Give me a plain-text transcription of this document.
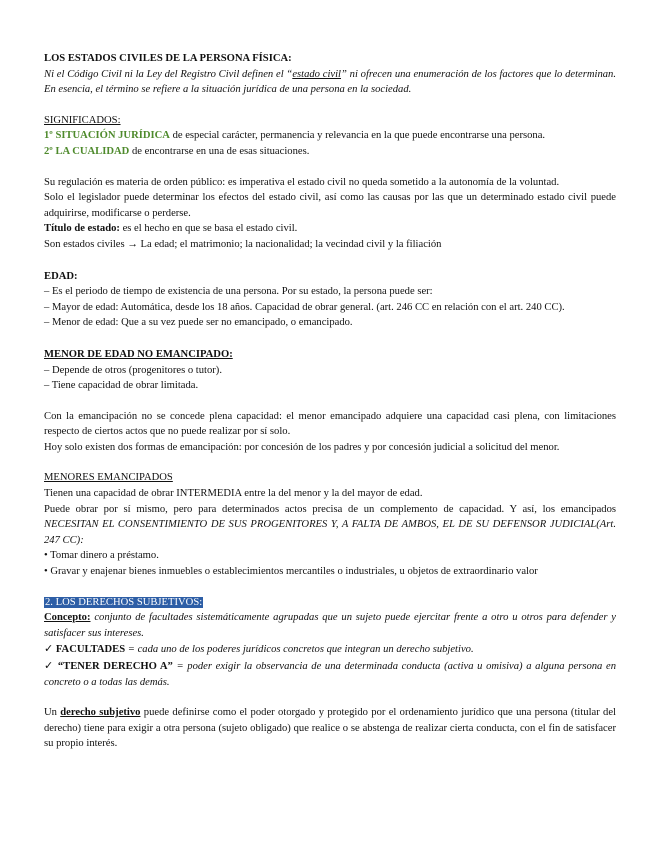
LOS ESTADOS CIVILES DE LA PERSONA FÍSICA:

Ni el Código Civil ni la Ley del Registro Civil definen el “estado civil” ni ofrecen una enumeración de los factores que lo determinan. En esencia, el término se refiere a la situación jurídica de una persona en la sociedad.

SIGNIFICADOS:

1º SITUACIÓN JURÍDICA de especial carácter, permanencia y relevancia en la que puede encontrarse una persona.

2º LA CUALIDAD de encontrarse en una de esas situaciones.

Su regulación es materia de orden público: es imperativa el estado civil no queda sometido a la autonomía de la voluntad.

Solo el legislador puede determinar los efectos del estado civil, así como las causas por las que un determinado estado civil puede adquirirse, modificarse o perderse.

Título de estado: es el hecho en que se basa el estado civil.

Son estados civiles → La edad; el matrimonio; la nacionalidad; la vecindad civil y la filiación

EDAD:

– Es el periodo de tiempo de existencia de una persona. Por su estado, la persona puede ser:

– Mayor de edad: Automática, desde los 18 años. Capacidad de obrar general. (art. 246 CC en relación con el art. 240 CC).

– Menor de edad: Que a su vez puede ser no emancipado, o emancipado.

MENOR DE EDAD NO EMANCIPADO:

– Depende de otros (progenitores o tutor).

– Tiene capacidad de obrar limitada.

Con la emancipación no se concede plena capacidad: el menor emancipado adquiere una capacidad casi plena, con limitaciones respecto de ciertos actos que no puede realizar por sí solo.

Hoy solo existen dos formas de emancipación: por concesión de los padres y por concesión judicial a solicitud del menor.

MENORES EMANCIPADOS

Tienen una capacidad de obrar INTERMEDIA entre la del menor y la del mayor de edad.

Puede obrar por sí mismo, pero para determinados actos precisa de un complemento de capacidad. Y así, los emancipados NECESITAN EL CONSENTIMIENTO DE SUS PROGENITORES Y, A FALTA DE AMBOS, EL DE SU DEFENSOR JUDICIAL(Art. 247 CC):

• Tomar dinero a préstamo.

• Gravar y enajenar bienes inmuebles o establecimientos mercantiles o industriales, u objetos de extraordinario valor

2. LOS DERECHOS SUBJETIVOS:

Concepto: conjunto de facultades sistemáticamente agrupadas que un sujeto puede ejercitar frente a otro u otros para defender y satisfacer sus intereses.

✓ FACULTADES = cada uno de los poderes jurídicos concretos que integran un derecho subjetivo.

✓ “TENER DERECHO A” = poder exigir la observancia de una determinada conducta (activa u omisiva) a alguna persona en concreto o a todas las demás.

Un derecho subjetivo puede definirse como el poder otorgado y protegido por el ordenamiento jurídico que una persona (titular del derecho) tiene para exigir a otra persona (sujeto obligado) que realice o se abstenga de realizar cierta conducta, con el fin de satisfacer su propio interés.
